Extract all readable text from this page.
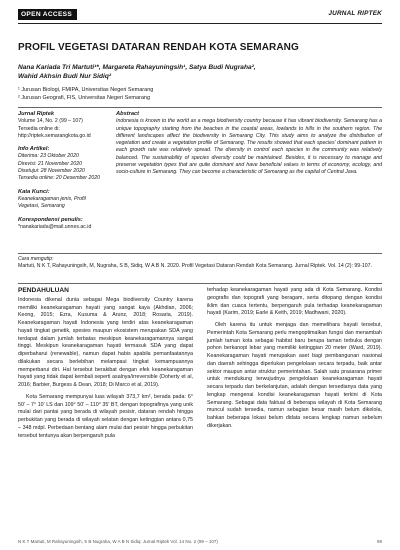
OPEN ACCESS	JURNAL RIPTEK
PROFIL VEGETASI DATARAN RENDAH KOTA SEMARANG
Nana Kariada Tri Martuti¹*, Margareta Rahayuningsih¹, Satya Budi Nugraha²,
Wahid Akhsin Budi Nur Sidiq²
¹ Jurusan Biologi, FMIPA, Universitas Negeri Semarang
² Jurusan Geografi, FIS, Universitas Negeri Semarang
Jurnal Riptek
Volume 14, No. 2 (99 – 107)
Tersedia online di:
http://riptek.semarangkota.go.id
Info Artikel:
Diterima: 23 Oktober 2020
Direvisi: 21 November 2020
Disetujui: 28 November 2020
Tersedia online: 20 Desember 2020
Kata Kunci:
Keanekaragaman jenis, Profil Vegetasi, Semarang
Korespondensi penulis:
*nanakariada@mail.unnes.ac.id
Abstract
Indonesia is known to the world as a mega biodiversity country because it has vibrant biodiversity. Semarang has a unique topography starting from the beaches in the coastal areas, lowlands to hills in the southern region. The different landscapes affect the biodiversity in Semarang City. This study aims to analyze the distribution of vegetation and create a vegetation profile of Semarang. The results showed that each species' dominant pattern in each growth rate was relatively spread. The diversity in control each species in the community was relatively balanced. The sustainability of species diversity could be maintained. Besides, it is necessary to manage and preserve vegetation types that are quite dominant and have beneficial values in terms of economy, ecology, and socio-culture in Semarang. They can become a characteristic of Semarang as the capital of Central Java.
Cara mengutip:
Martuti, N K T, Rahayuningsih, M, Nugraha, S B, Sidiq, W A B N. 2020. Profil Vegetasi Dataran Rendah Kota Semarang. Jurnal Riptek. Vol. 14 (2): 99-107.
PENDAHULUAN

Indonesia dikenal dunia sebagai Mega biodiversity Country karena memiliki keanekaragaman hayati yang sangat kaya (Akhdian, 2006; Keong, 2015; Ezra, Kusuma & Arunz, 2018; Rosaria, 2019). Keanekaragaman hayati Indonesia yang terdiri atas keanekaragaman hayati tingkat genetik, spesies maupun ekosistem merupakan SDA yang terdapat dalam jumlah terbatas meskipun keanekaragamannya sangat tinggi. Meskipun keanekaragaman hayati termasuk SDA yang dapat diperbaharui (renewable), namun dapat habis apabila pemanfaatannya dilakukan secara berlebihan melampaui tingkat kemampuannya memperbarui diri. Hal tersebut berakibat dengan efek keanekaragaman hayati yang tidak dapat kembali seperti asalnya/irreversible (Doherty et al, 2016; Barbier, Burgess & Dean, 2018; Di Marco et al, 2019).

Kota Semarang mempunyai luas wilayah 373,7 km², berada pada: 6° 50' – 7° 10' LS dan 109° 50' – 110° 35' BT, dengan topografinya yang unik mulai dari pantai yang berada di wilayah pesisir, dataran rendah hingga perbukitan yang berada di wilayah selatan dengan ketinggian antara 0,75 – 348 mdpl. Perbedaan bentang alam mulai dari pesisir hingga perbukitan tersebut tentunya akan berpengaruh pula

terhadap keanekaragaman hayati yang ada di Kota Semarang. Kondisi geografis dan topografi yang beragam, serta ditopang dengan kondisi iklim dan cuaca tertentu, berpengaruh pula terhadap keanekaragaman hayati (Karim, 2019; Earle & Keith, 2019; Madhwani, 2020).

Oleh karena itu untuk menjaga dan memelihara hayati tersebut, Pemerintah Kota Semarang perlu mengoptimalkan fungsi dan menambah jumlah taman kota sebagai habitat baru berupa taman terbuka dengan pohon berkanopi lebar yang memiliki ketinggian 20 meter (Ward, 2019). Keanekaragaman hayati merupakan aset bagi pembangunan nasional dan daerah sehingga diperlukan pengelolaan secara terpadu, baik antar sektor maupun antar struktur pemerintahan. Salah satu prasarana primer untuk mendukung terwujudnya pengelolaan keanekaragaman hayati secara terpadu dan berkelanjutan, adalah dengan tersedianya data yang lengkap mengenai kondisi keanekaragaman hayati terkini di Kota Semarang. Sebagai data faktual di beberapa wilayah di Kota Semarang muncul sudah tersedia, namun sebagian besar masih belum dikelola, bahkan beberapa lokasi belum didata secara lengkap namun sebelum dikerjakan.

N K T Martuti, M Rahayuningsih, S B Nugraha, W A B N Sidiq: Jurnal Riptek Vol. 14 No. 2 (99 – 107)	99
